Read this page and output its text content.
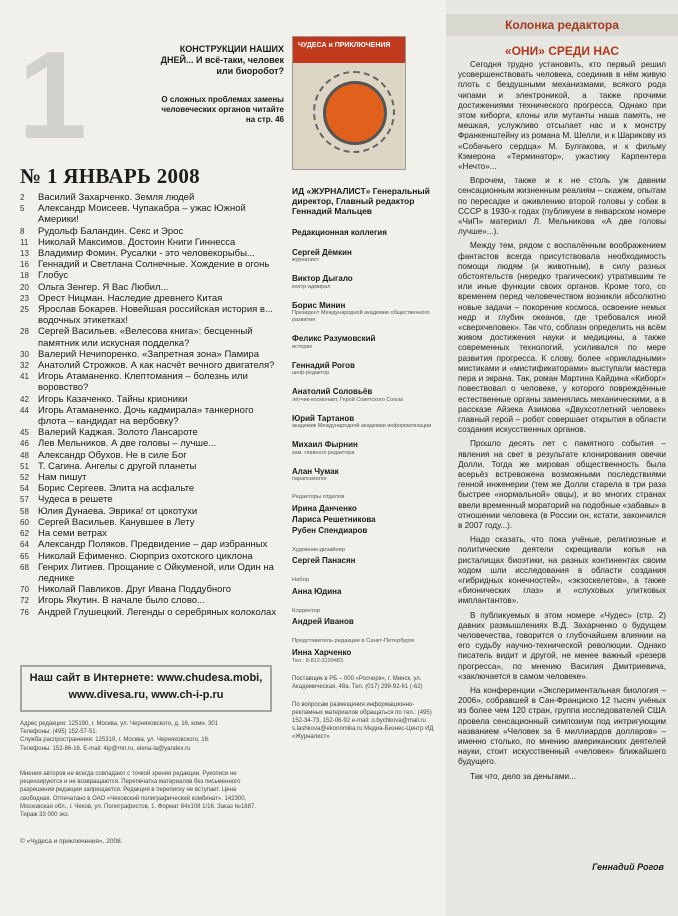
1	КОНСТРУКЦИИ НАШИХ ДНЕЙ... И всё-таки, человек или биоробот?
О сложных проблемах замены человеческих органов читайте на стр. 46
ЧУДЕСА и ПРИКЛЮЧЕНИЯ
№ 1 ЯНВАРЬ 2008
2	Василий Захарченко. Земля людей
5	Александр Моисеев. Чупакабра – ужас Южной Америки!
8	Рудольф Баландин. Секс и Эрос
11	Николай Максимов. Достоин Книги Гиннесса
13 Владимир Фомин. Русалки - это человекорыбы...
16 Геннадий и Светлана Солнечные. Хождение в огонь
18 Глобус
20 Ольга Зенгер. Я Вас Любил...
23 Орест Ницман. Наследие древнего Китая
25 Ярослав Бокарев. Новейшая российская история в... водочных этикетках!
28 Сергей Васильев. «Велесова книга»: бесценный памятник или искусная подделка?
30 Валерий Нечипоренко. «Запретная зона» Памира
32 Анатолий Строжков. А как насчёт вечного двигателя?
41 Игорь Атаманенко. Клептомания – болезнь или воровство?
42 Игорь Казаченко. Тайны крионики
44 Игорь Атаманенко. Дочь кадмирала» танкерного флота – кандидат на вербовку?
45 Валерий Каджая. Золото Лансароте
46 Лев Мельников. А две головы – лучше...
48 Александр Обухов. Не в силе Бог
51 Т. Сагина. Ангелы с другой планеты
52 Нам пишут
54 Борис Сергеев. Элита на асфальте
57 Чудеса в решете
58 Юлия Дунаева. Эврика! от цокотухи
60 Сергей Васильев. Канувшее в Лету
62 На семи ветрах
64 Александр Поляков. Предвидение – дар избранных
65 Николай Ефименко. Сюрприз охотского циклона
68 Генрих Литиев. Прощание с Ойкуменой, или Один на леднике
70 Николай Павликов. Друг Ивана Поддубного
72 Игорь Якутин. В начале было слово...
76 Андрей Глушецкий. Легенды о серебряных колоколах
Наш сайт в Интернете: www.chudesa.mobi,
www.divesa.ru, www.ch-i-p.ru
Адрес редакции: 125190, г. Москва, ул. Черняховского, д. 16, комн. 301
Телефоны: (495) 152-57-51.
Служба распространения: 125319, г. Москва, ул. Черняховского, 16.
Телефоны: 152-86-16. E-mail: 4ip@rnn.ru, elena-la@yandex.ru
Мнения авторов не всегда совпадают с точкой зрения редакции. Рукописи не рецензируются и не возвращаются. Перепечатка материалов без письменного разрешения редакции запрещается. Редакция в переписку не вступает. Цена свободная. Отпечатано в ОАО «Чеховский полиграфический комбинат». 142300, Московская обл., г. Чехов, ул. Полиграфистов, 1. Формат 84х108 1/16. Заказ №1887. Тираж 33 000 экз.
© «Чудеса и приключения», 2008.
ИД «ЖУРНАЛИСТ» Генеральный директор, Главный редактор Геннадий Мальцев
Редакционная коллегия
Сергей Дёмкин
журналист
Виктор Дыгало
контр-адмирал
Борис Минин
Президент Международной академии общественного развития
Феликс Разумовский
историк
Геннадий Рогов
шеф-редактор
Анатолий Соловьёв
лётчик-космонавт, Герой Советского Союза
Юрий Тартанов
академик Международной академии информатизации
Михаил Фырнин
зам. главного редактора
Алан Чумак
парапсихолог
Редакторы отделов
Ирина Данченко
Лариса Решетникова
Рубен Спендиаров
Художник-дизайнер
Сергей Панасян
Набор
Анна Юдина
Корректор
Андрей Иванов
Представитель редакции в Санкт-Петербурге
Инна Харченко
Тел.: 8-812-3109483
Поставщик в РБ – 000 «Росчерк», г. Минск, ул. Академическая, 48а. Тел. (017) 299-92-61 (-62)
По вопросам размещения информационно-рекламных материалов обращаться по тел.: (495) 152-34-73, 152-06-92 e-mail: o.bychkova@mail.ru s.lashkova@ekonomika.ru Медиа-Бизнес-Центр ИД «Журналист»
Колонка редактора
«ОНИ» СРЕДИ НАС

Сегодня трудно установить, кто первый решил усовершенствовать человека, соединив в нём живую плоть с бездушными механизмами, всякого рода чипами и электроникой, а также прочими достижениями технического прогресса. Однако при этом киборги, клоны или мутанты наша память, не мешкая, услужливо отсылает нас и к монстру Франкенштейну из романа М. Шелли, и к Шарикову из «Собачьего сердца» М. Булгакова, и к фильму Кэмерона «Терминатор», ужастику Карпентера «Нечто»...

Впрочем, также и к не столь уж давним сенсационным жизненным реалиям – скажем, опытам по пересадке и оживлению второй головы у собак в СССР в 1930-х годах (публикуем в январском номере «ЧиП» материал Л. Мельникова «А две головы лучше»...).

Между тем, рядом с воспалённым воображением фантастов всегда присутствовала необходимость помощи людям (и животным), в силу разных обстоятельств (нередко трагических) утратившим те или иные функции своих органов. Кроме того, со временем перед человечеством возникли абсолютно новые задачи – покорение космоса, освоение немых недр и глубин океанов, где требовался иной «сверхчеловек». Так что, соблазн определить на всём живом достижения науки и медицины, а также современных технологий, усиливался по мере развития прогресса. К слову, более «прикладными» мистиками и «мистификаторами» выступали мастера пера и экрана. Так, роман Мартина Кайдина «Киборг» повествовал о человеке, у которого повреждённые естественные органы заменялись механическими, а в рассказе Айзека Азимова «Двухсотлетний человек» главный герой – робот совершает открытия в области создания искусственных органов.

Прошло десять лет с памятного события – явления на свет в результате клонирования овечки Долли. Тогда же мировая общественность была всерьёз встревожена возможными последствиями генной инженерии (тем же Долли старела в три раза быстрее «нормальной» овцы), и во многих странах ввели временный мораторий на подобные «забавы» в отношении человека (в России он, кстати, закончился в 2007 году...).

Надо сказать, что пока учёные, религиозные и политические деятели скрещивали копья на ристалищах биоэтики, на разных континентах своим ходом шли исследования в области создания «гибридных конечностей», «экзоскелетов», а также «бионических глаз» и «слуховых улитковых имплантантов».

В публикуемых в этом номере «Чудес» (стр. 2) давних размышлениях В.Д. Захарченко о будущем человечества, говорится о глубочайшем влиянии на его судьбу научно-технической революции. Однако писатель видит и другой, не менее важный «резерв прогресса», по мнению Василия Дмитриевича, «заключается в самом человеке».

На конференции «Экспериментальная биология – 2006», собравшей в Сан-Франциско 12 тысяч учёных из более чем 120 стран, группа исследователей США провела сенсационный симпозиум под интригующим названием «Человек за 6 миллиардов долларов» – именно столько, по мнению американских деятелей науки, стоит искусственный «человек» ближайшего будущего.

Так что, дело за деньгами...

Геннадий Рогов
